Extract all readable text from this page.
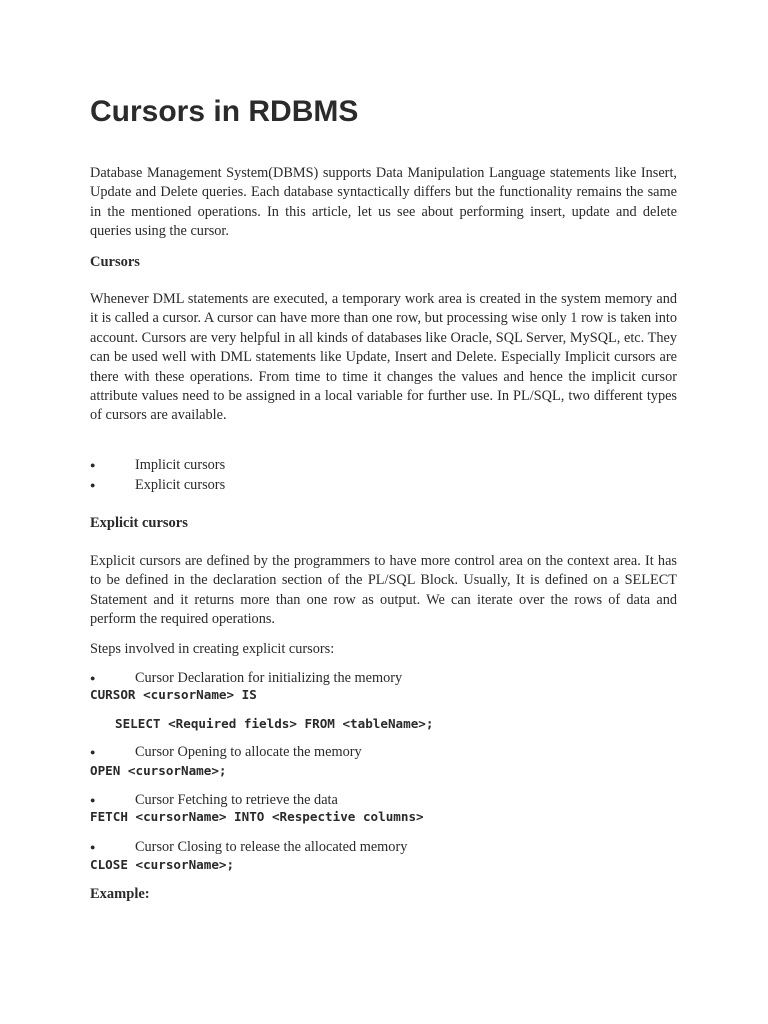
Cursors in RDBMS

Database Management System(DBMS) supports Data Manipulation Language statements like Insert, Update and Delete queries. Each database syntactically differs but the functionality remains the same in the mentioned operations. In this article, let us see about performing insert, update and delete queries using the cursor.

Cursors

Whenever DML statements are executed, a temporary work area is created in the system memory and it is called a cursor. A cursor can have more than one row, but processing wise only 1 row is taken into account. Cursors are very helpful in all kinds of databases like Oracle, SQL Server, MySQL, etc. They can be used well with DML statements like Update, Insert and Delete. Especially Implicit cursors are there with these operations. From time to time it changes the values and hence the implicit cursor attribute values need to be assigned in a local variable for further use. In PL/SQL, two different types of cursors are available.

●	Implicit cursors
●	Explicit cursors
Explicit cursors

Explicit cursors are defined by the programmers to have more control area on the context area. It has to be defined in the declaration section of the PL/SQL Block. Usually, It is defined on a SELECT Statement and it returns more than one row as output. We can iterate over the rows of data and perform the required operations.

Steps involved in creating explicit cursors:
●	Cursor Declaration for initializing the memory
CURSOR <cursorName> IS
SELECT <Required fields> FROM <tableName>;
●	Cursor Opening to allocate the memory
OPEN <cursorName>;
●	Cursor Fetching to retrieve the data
FETCH <cursorName> INTO <Respective columns>
●	Cursor Closing to release the allocated memory
CLOSE <cursorName>;
Example:
